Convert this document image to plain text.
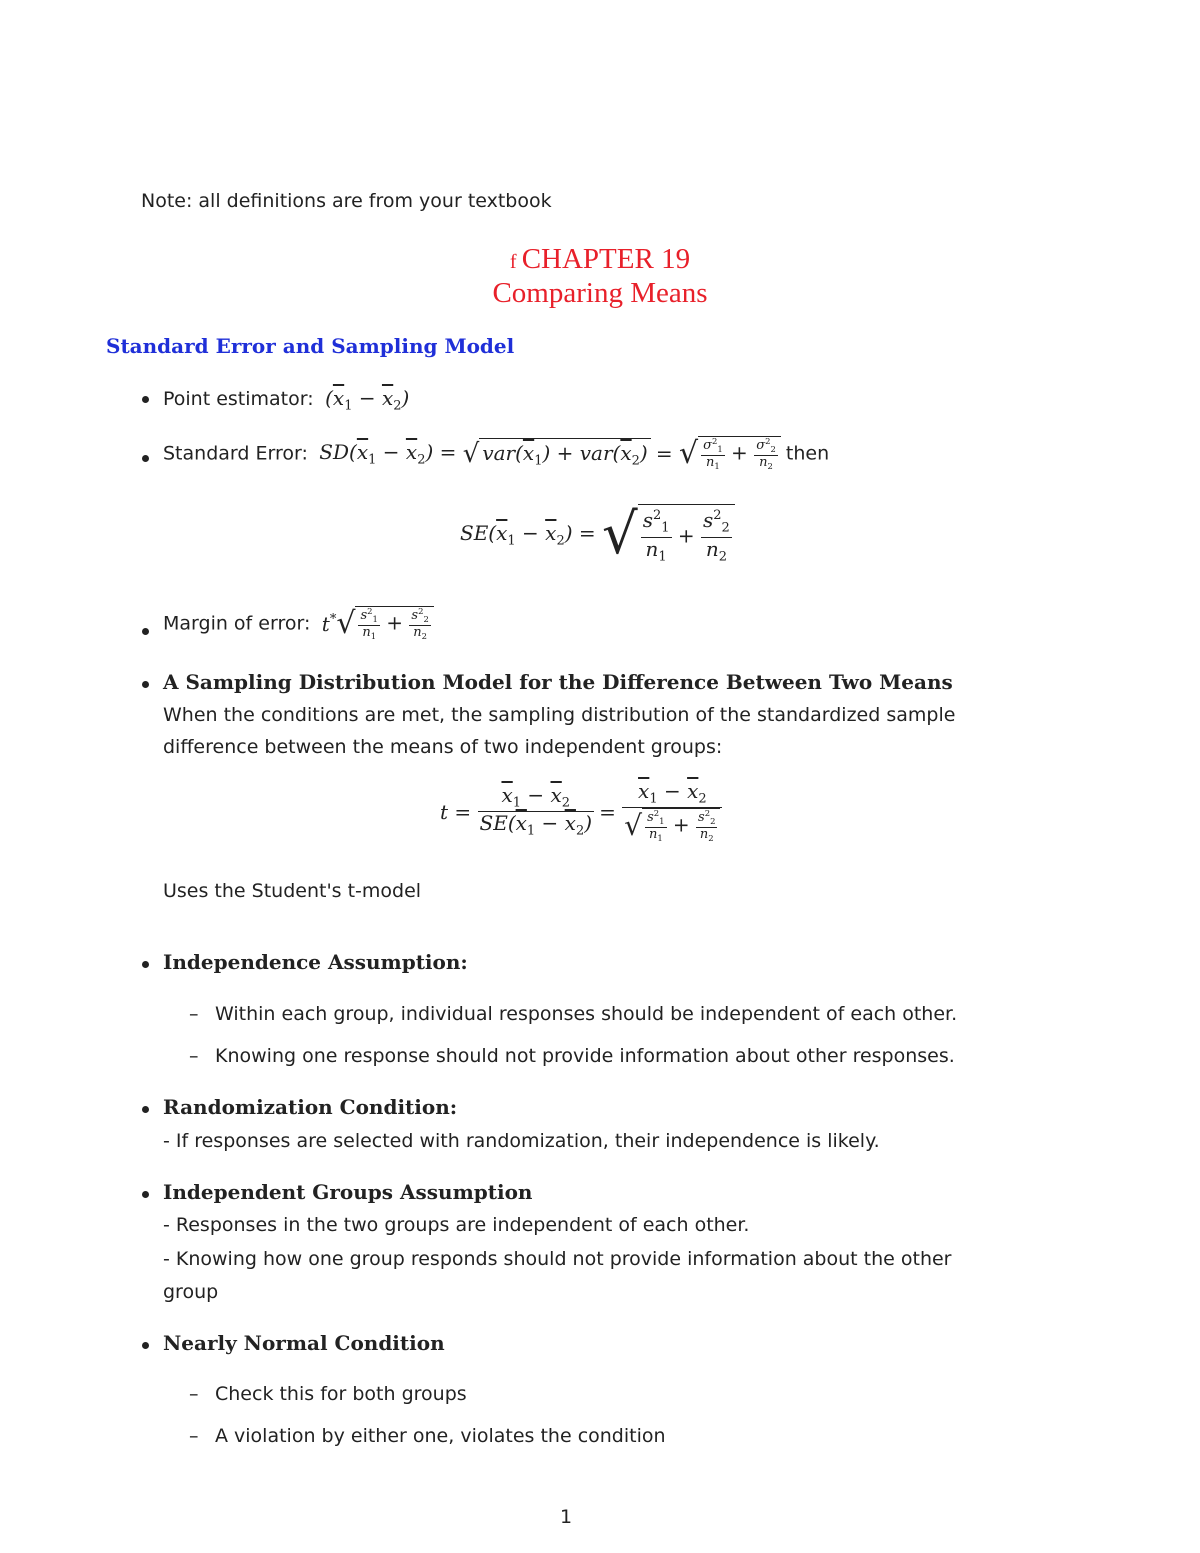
Note: all definitions are from your textbook
f CHAPTER 19
Comparing Means
Standard Error and Sampling Model
Point estimator:  $(\overline{x}_1 - \overline{x}_2)$
Standard Error:  $SD(\overline{x}_1 - \overline{x}_2)$ = √ $var(\overline{x}_1) + var(\overline{x}_2)$ = √ $\frac{\sigma^2_1}{n_1} + \frac{\sigma^2_2}{n_2}$ then
$SE(\overline{x}_1 - \overline{x}_2)$ = √ $\frac{s^2_1}{n_1} + \frac{s^2_2}{n_2}$
Margin of error:  $t^*√ \frac{s^2_1}{n_1} + \frac{s^2_2}{n_2}$
A Sampling Distribution Model for the Difference Between Two Means
When the conditions are met, the sampling distribution of the standardized sample
difference between the means of two independent groups:
$t = \frac{\overline{x}_1 - \overline{x}_2}{SE(\overline{x}_1 - \overline{x}_2)} = \frac{\overline{x}_1 - \overline{x}_2}{√ \frac{s^2_1}{n_1} + \frac{s^2_2}{n_2}}$
Uses the Student's t-model
Independence Assumption:
– Within each group, individual responses should be independent of each other.
– Knowing one response should not provide information about other responses.
Randomization Condition:
- If responses are selected with randomization, their independence is likely.
Independent Groups Assumption
- Responses in the two groups are independent of each other.
- Knowing how one group responds should not provide information about the other
group
Nearly Normal Condition
– Check this for both groups
– A violation by either one, violates the condition
1
